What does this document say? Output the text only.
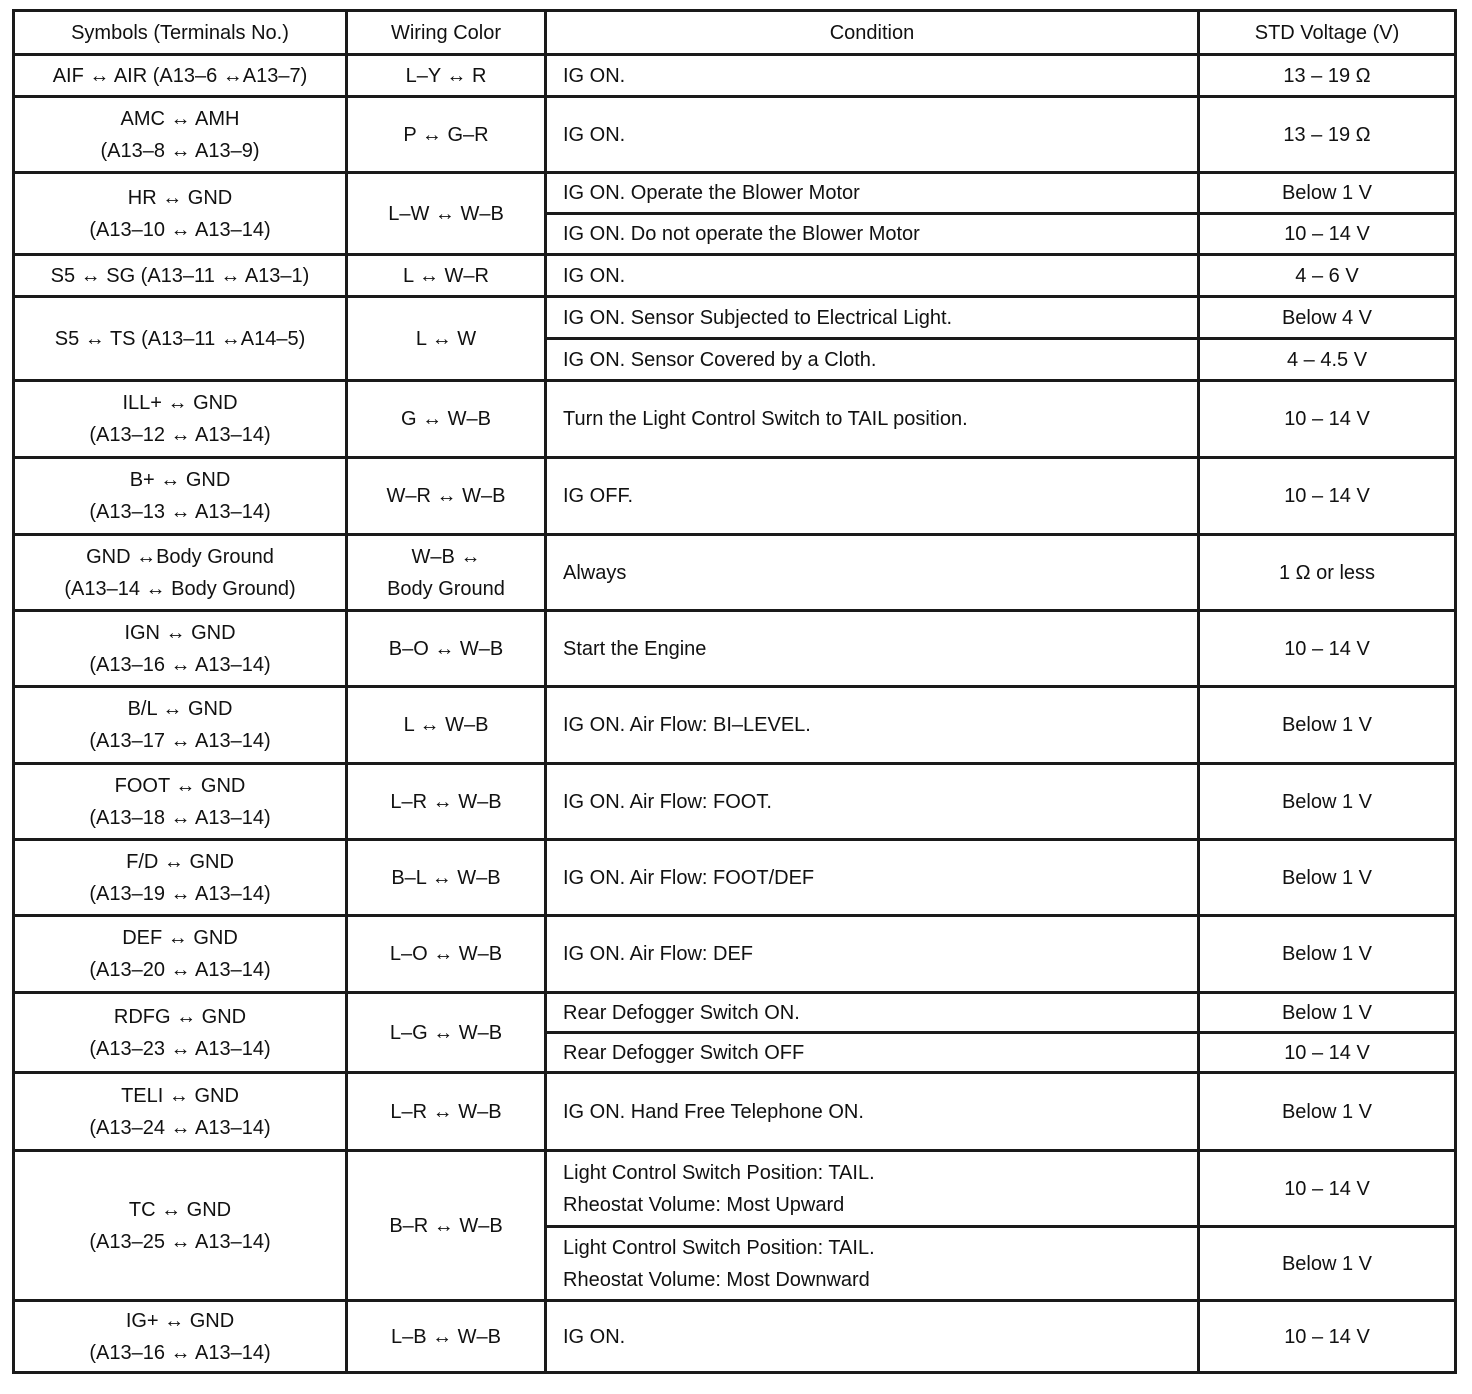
Symbols (Terminals No.)	Wiring Color	Condition	STD Voltage (V)
AIF ↔ AIR (A13–6 ↔A13–7)	L–Y ↔ R	IG ON.	13 – 19 Ω
AMC ↔ AMH
(A13–8 ↔ A13–9)	P ↔ G–R	IG ON.	13 – 19 Ω
HR ↔ GND
(A13–10 ↔ A13–14)	L–W ↔ W–B	IG ON. Operate the Blower Motor	Below 1 V
		IG ON. Do not operate the Blower Motor	10 – 14 V
S5 ↔ SG (A13–11 ↔ A13–1)	L ↔ W–R	IG ON.	4 – 6 V
S5 ↔ TS (A13–11 ↔A14–5)	L ↔ W	IG ON. Sensor Subjected to Electrical Light.	Below 4 V
		IG ON. Sensor Covered by a Cloth.	4 – 4.5 V
ILL+ ↔ GND
(A13–12 ↔ A13–14)	G ↔ W–B	Turn the Light Control Switch to TAIL position.	10 – 14 V
B+ ↔ GND
(A13–13 ↔ A13–14)	W–R ↔ W–B	IG OFF.	10 – 14 V
GND ↔Body Ground
(A13–14 ↔ Body Ground)	W–B ↔
Body Ground	Always	1 Ω or less
IGN ↔ GND
(A13–16 ↔ A13–14)	B–O ↔ W–B	Start the Engine	10 – 14 V
B/L ↔ GND
(A13–17 ↔ A13–14)	L ↔ W–B	IG ON. Air Flow: BI–LEVEL.	Below 1 V
FOOT ↔ GND
(A13–18 ↔ A13–14)	L–R ↔ W–B	IG ON. Air Flow: FOOT.	Below 1 V
F/D ↔ GND
(A13–19 ↔ A13–14)	B–L ↔ W–B	IG ON. Air Flow: FOOT/DEF	Below 1 V
DEF ↔ GND
(A13–20 ↔ A13–14)	L–O ↔ W–B	IG ON. Air Flow: DEF	Below 1 V
RDFG ↔ GND
(A13–23 ↔ A13–14)	L–G ↔ W–B	Rear Defogger Switch ON.	Below 1 V
		Rear Defogger Switch OFF	10 – 14 V
TELI ↔ GND
(A13–24 ↔ A13–14)	L–R ↔ W–B	IG ON. Hand Free Telephone ON.	Below 1 V
TC ↔ GND
(A13–25 ↔ A13–14)	B–R ↔ W–B	Light Control Switch Position: TAIL.
Rheostat Volume: Most Upward	10 – 14 V
		Light Control Switch Position: TAIL.
Rheostat Volume: Most Downward	Below 1 V
IG+ ↔ GND
(A13–16 ↔ A13–14)	L–B ↔ W–B	IG ON.	10 – 14 V
